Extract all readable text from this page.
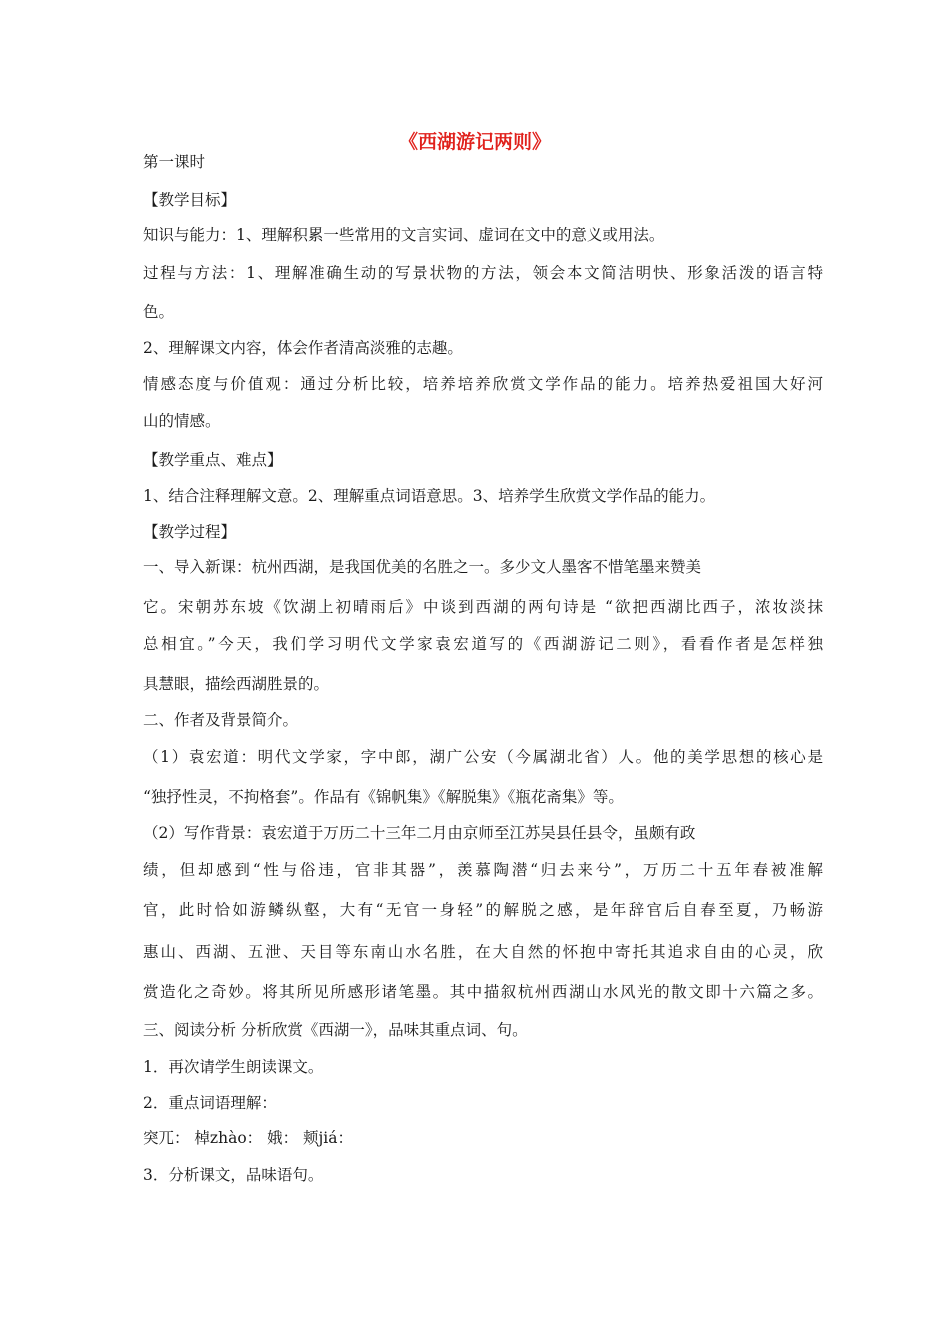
《西湖游记两则》
第一课时
【教学目标】
知识与能力：1、理解积累一些常用的文言实词、虚词在文中的意义或用法。
过程与方法：1、理解准确生动的写景状物的方法，领会本文简洁明快、形象活泼的语言特
色。
2、理解课文内容，体会作者清高淡雅的志趣。
情感态度与价值观：通过分析比较，培养培养欣赏文学作品的能力。培养热爱祖国大好河
山的情感。
【教学重点、难点】
1、结合注释理解文意。2、理解重点词语意思。3、培养学生欣赏文学作品的能力。
【教学过程】
一、导入新课：杭州西湖，是我国优美的名胜之一。多少文人墨客不惜笔墨来赞美
它。宋朝苏东坡《饮湖上初晴雨后》中谈到西湖的两句诗是 “欲把西湖比西子，浓妆淡抹
总相宜。”今天，我们学习明代文学家袁宏道写的《西湖游记二则》，看看作者是怎样独
具慧眼，描绘西湖胜景的。
二、作者及背景简介。
（1）袁宏道：明代文学家，字中郎，湖广公安（今属湖北省）人。他的美学思想的核心是
“独抒性灵，不拘格套”。作品有《锦帆集》《解脱集》《瓶花斋集》等。
（2）写作背景：袁宏道于万历二十三年二月由京师至江苏吴县任县令，虽颇有政
绩，但却感到“性与俗违，官非其器”，羡慕陶潜“归去来兮”，万历二十五年春被准解
官，此时恰如游鳞纵壑，大有“无官一身轻”的解脱之感，是年辞官后自春至夏，乃畅游
惠山、西湖、五泄、天目等东南山水名胜，在大自然的怀抱中寄托其追求自由的心灵，欣
赏造化之奇妙。将其所见所感形诸笔墨。其中描叙杭州西湖山水风光的散文即十六篇之多。
三、阅读分析 分析欣赏《西湖一》，品味其重点词、句。
1．再次请学生朗读课文。
2．重点词语理解：
突兀： 棹zhào： 娥： 颊jiá：
3．分析课文，品味语句。
